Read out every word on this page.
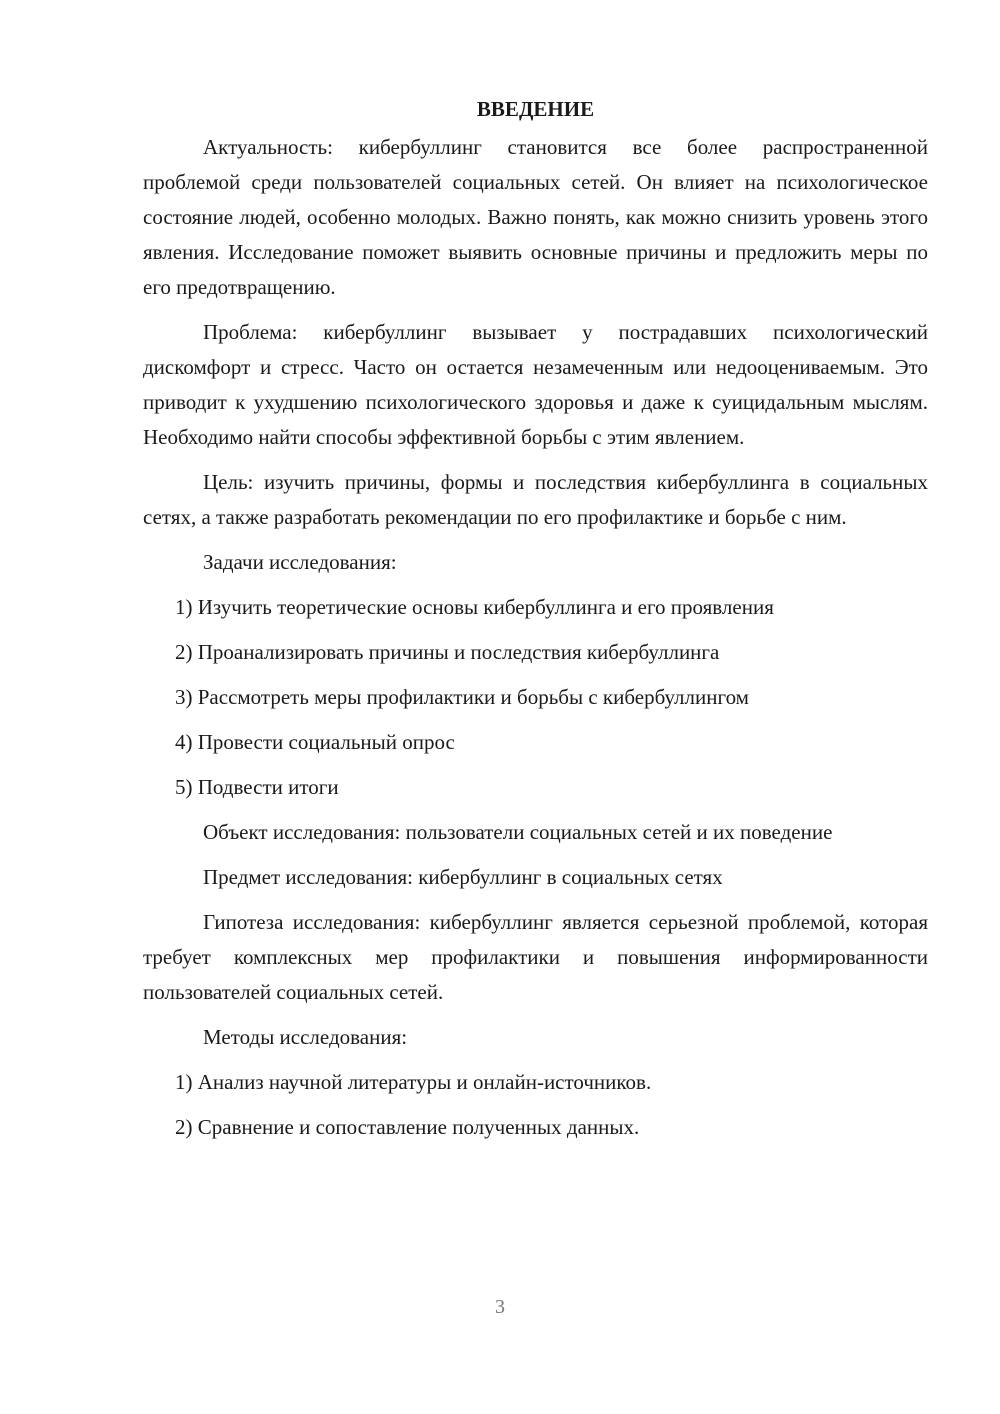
ВВЕДЕНИЕ

Актуальность: кибербуллинг становится все более распространенной проблемой среди пользователей социальных сетей. Он влияет на психологическое состояние людей, особенно молодых. Важно понять, как можно снизить уровень этого явления. Исследование поможет выявить основные причины и предложить меры по его предотвращению.

Проблема: кибербуллинг вызывает у пострадавших психологический дискомфорт и стресс. Часто он остается незамеченным или недооцениваемым. Это приводит к ухудшению психологического здоровья и даже к суицидальным мыслям. Необходимо найти способы эффективной борьбы с этим явлением.

Цель: изучить причины, формы и последствия кибербуллинга в социальных сетях, а также разработать рекомендации по его профилактике и борьбе с ним.

Задачи исследования:

1) Изучить теоретические основы кибербуллинга и его проявления
2) Проанализировать причины и последствия кибербуллинга
3) Рассмотреть меры профилактики и борьбы с кибербуллингом
4) Провести социальный опрос
5) Подвести итоги

Объект исследования: пользователи социальных сетей и их поведение

Предмет исследования: кибербуллинг в социальных сетях

Гипотеза исследования: кибербуллинг является серьезной проблемой, которая требует комплексных мер профилактики и повышения информированности пользователей социальных сетей.

Методы исследования:

1) Анализ научной литературы и онлайн-источников.
2) Сравнение и сопоставление полученных данных.
3
